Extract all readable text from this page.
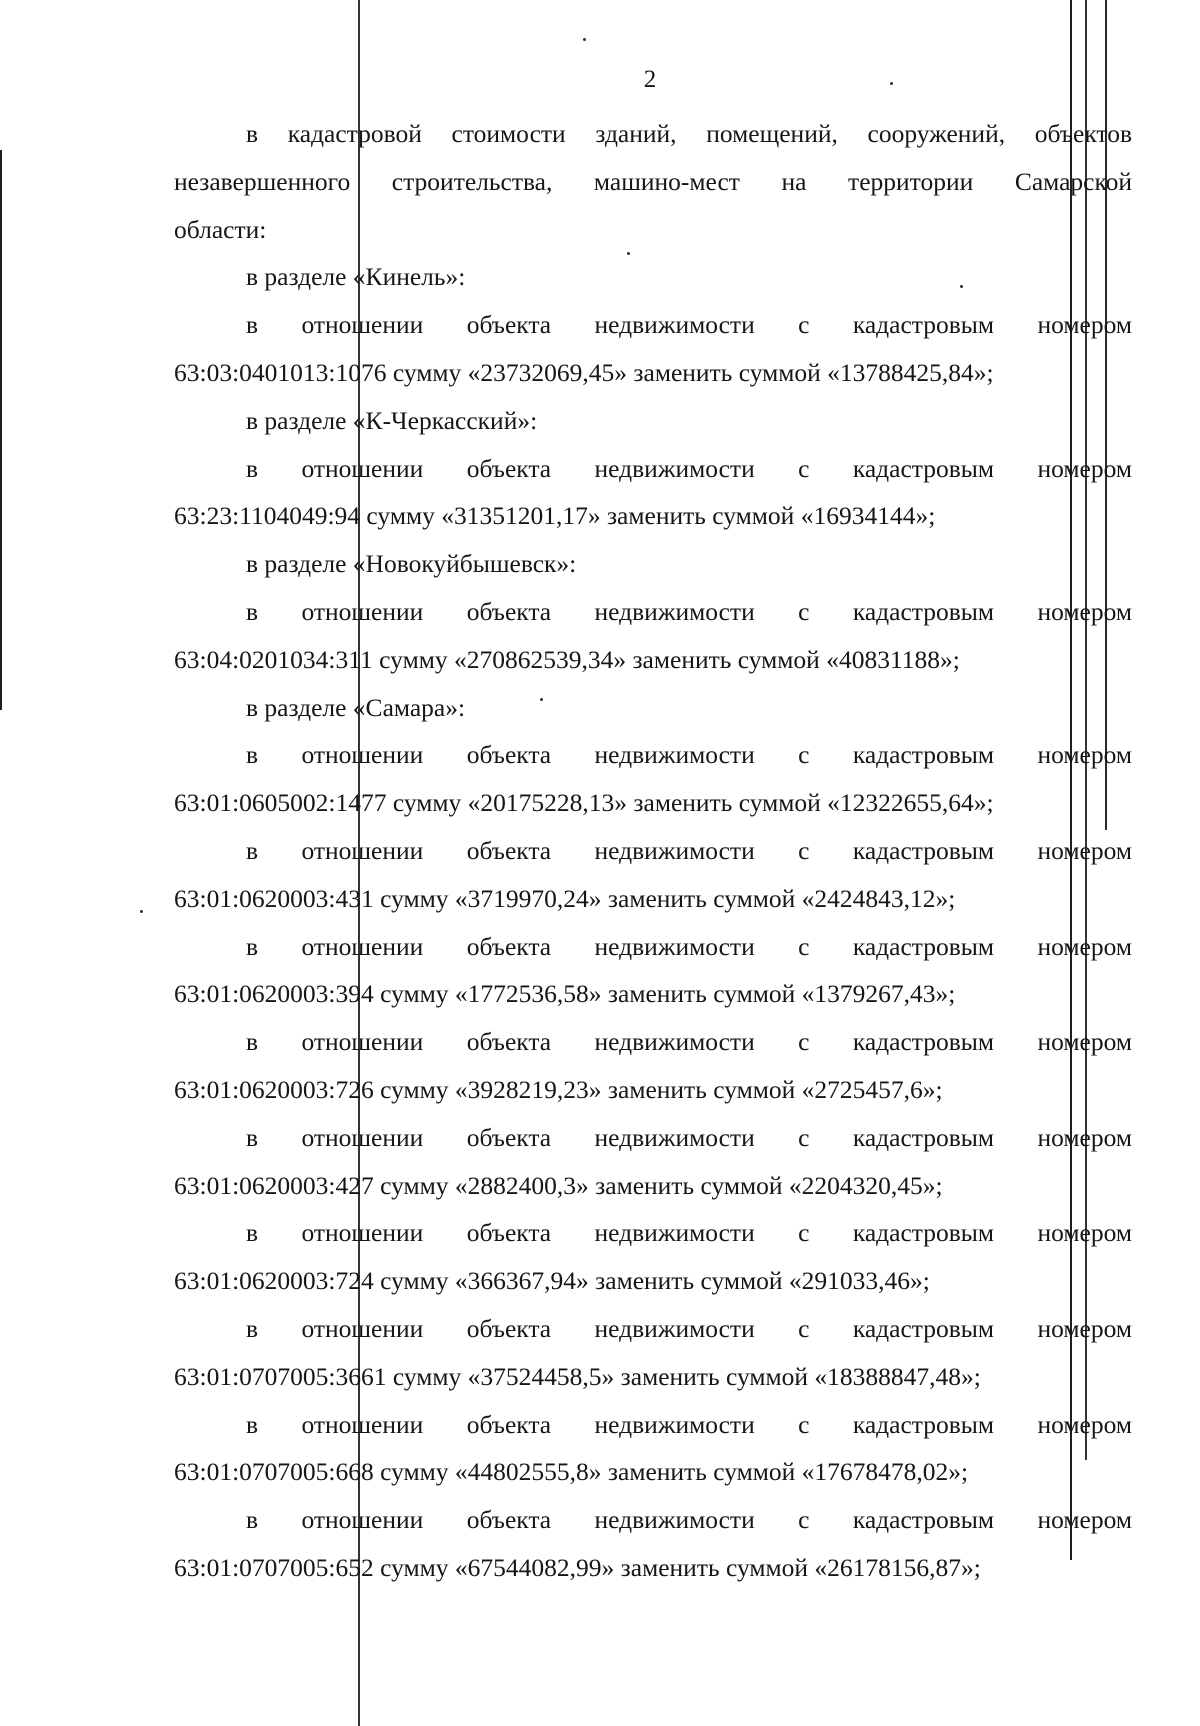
2
в кадастровой стоимости зданий, помещений, сооружений, объектов
незавершенного строительства, машино-мест на территории Самарской
области:
в разделе «Кинель»:
в отношении объекта недвижимости с кадастровым номером
63:03:0401013:1076 сумму «23732069,45» заменить суммой «13788425,84»;
в разделе «К-Черкасский»:
в отношении объекта недвижимости с кадастровым номером
63:23:1104049:94 сумму «31351201,17» заменить суммой «16934144»;
в разделе «Новокуйбышевск»:
в отношении объекта недвижимости с кадастровым номером
63:04:0201034:311 сумму «270862539,34» заменить суммой «40831188»;
в разделе «Самара»:
в отношении объекта недвижимости с кадастровым номером
63:01:0605002:1477 сумму «20175228,13» заменить суммой «12322655,64»;
в отношении объекта недвижимости с кадастровым номером
63:01:0620003:431 сумму «3719970,24» заменить суммой «2424843,12»;
в отношении объекта недвижимости с кадастровым номером
63:01:0620003:394 сумму «1772536,58» заменить суммой «1379267,43»;
в отношении объекта недвижимости с кадастровым номером
63:01:0620003:726 сумму «3928219,23» заменить суммой «2725457,6»;
в отношении объекта недвижимости с кадастровым номером
63:01:0620003:427 сумму «2882400,3» заменить суммой «2204320,45»;
в отношении объекта недвижимости с кадастровым номером
63:01:0620003:724 сумму «366367,94» заменить суммой «291033,46»;
в отношении объекта недвижимости с кадастровым номером
63:01:0707005:3661 сумму «37524458,5» заменить суммой «18388847,48»;
в отношении объекта недвижимости с кадастровым номером
63:01:0707005:668 сумму «44802555,8» заменить суммой «17678478,02»;
в отношении объекта недвижимости с кадастровым номером
63:01:0707005:652 сумму «67544082,99» заменить суммой «26178156,87»;
